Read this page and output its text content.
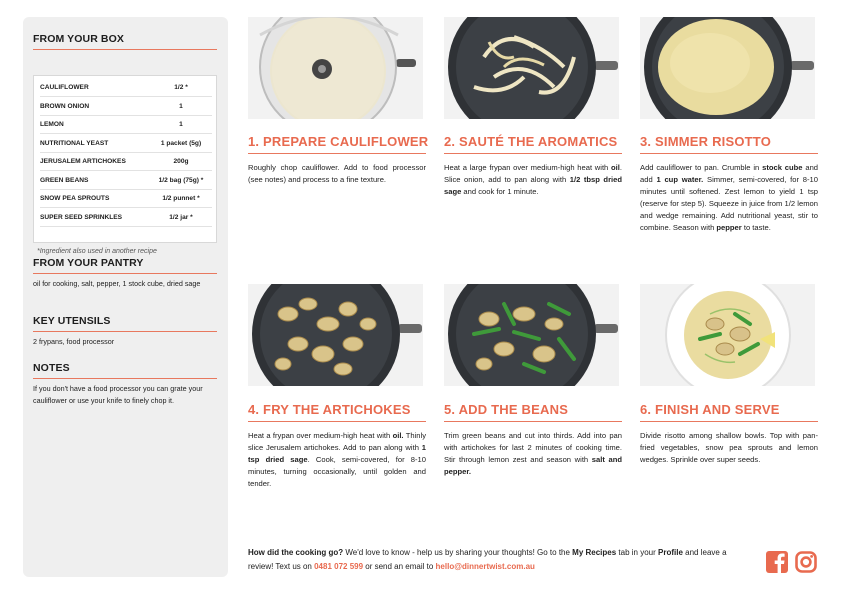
FROM YOUR BOX
CAULIFLOWER	1/2 *
BROWN ONION	1
LEMON	1
NUTRITIONAL YEAST	1 packet (5g)
JERUSALEM ARTICHOKES	200g
GREEN BEANS	1/2 bag (75g) *
SNOW PEA SPROUTS	1/2 punnet *
SUPER SEED SPRINKLES	1/2 jar *
*Ingredient also used in another recipe
FROM YOUR PANTRY
oil for cooking, salt, pepper, 1 stock cube, dried sage
KEY UTENSILS
2 frypans, food processor
NOTES
If you don't have a food processor you can grate your cauliflower or use your knife to finely chop it.
1. PREPARE CAULIFLOWER
Roughly chop cauliflower. Add to food processor (see notes) and process to a fine texture.
2. SAUTÉ THE AROMATICS
Heat a large frypan over medium-high heat with oil. Slice onion, add to pan along with 1/2 tbsp dried sage and cook for 1 minute.
3. SIMMER RISOTTO
Add cauliflower to pan. Crumble in stock cube and add 1 cup water. Simmer, semi-covered, for 8-10 minutes until softened. Zest lemon to yield 1 tsp (reserve for step 5). Squeeze in juice from 1/2 lemon and wedge remaining. Add nutritional yeast, stir to combine. Season with pepper to taste.
4. FRY THE ARTICHOKES
Heat a frypan over medium-high heat with oil. Thinly slice Jerusalem artichokes. Add to pan along with 1 tsp dried sage. Cook, semi-covered, for 8-10 minutes, turning occasionally, until golden and tender.
5. ADD THE BEANS
Trim green beans and cut into thirds. Add into pan with artichokes for last 2 minutes of cooking time. Stir through lemon zest and season with salt and pepper.
6. FINISH AND SERVE
Divide risotto among shallow bowls. Top with pan-fried vegetables, snow pea sprouts and lemon wedges. Sprinkle over super seeds.
How did the cooking go? We'd love to know - help us by sharing your thoughts! Go to the My Recipes tab in your Profile and leave a review! Text us on 0481 072 599 or send an email to hello@dinnertwist.com.au
